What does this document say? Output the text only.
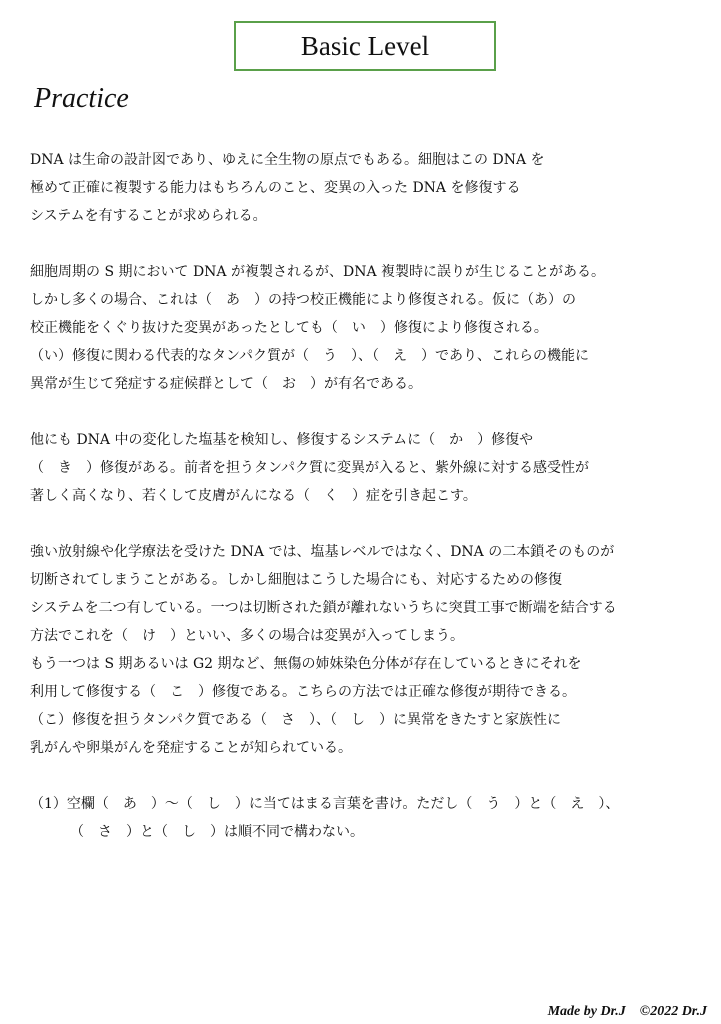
Basic Level
Practice
DNA は生命の設計図であり、ゆえに全生物の原点でもある。細胞はこの DNA を
極めて正確に複製する能力はもちろんのこと、変異の入った DNA を修復する
システムを有することが求められる。
細胞周期の S 期において DNA が複製されるが、DNA 複製時に誤りが生じることがある。
しかし多くの場合、これは（　あ　）の持つ校正機能により修復される。仮に（あ）の
校正機能をくぐり抜けた変異があったとしても（　い　）修復により修復される。
（い）修復に関わる代表的なタンパク質が（　う　）、（　え　）であり、これらの機能に
異常が生じて発症する症候群として（　お　）が有名である。
他にも DNA 中の変化した塩基を検知し、修復するシステムに（　か　）修復や
（　き　）修復がある。前者を担うタンパク質に変異が入ると、紫外線に対する感受性が
著しく高くなり、若くして皮膚がんになる（　く　）症を引き起こす。
強い放射線や化学療法を受けた DNA では、塩基レベルではなく、DNA の二本鎖そのものが
切断されてしまうことがある。しかし細胞はこうした場合にも、対応するための修復
システムを二つ有している。一つは切断された鎖が離れないうちに突貫工事で断端を結合する
方法でこれを（　け　）といい、多くの場合は変異が入ってしまう。
もう一つは S 期あるいは G2 期など、無傷の姉妹染色分体が存在しているときにそれを
利用して修復する（　こ　）修復である。こちらの方法では正確な修復が期待できる。
（こ）修復を担うタンパク質である（　さ　）、（　し　）に異常をきたすと家族性に
乳がんや卵巣がんを発症することが知られている。
（1）空欄（　あ　）〜（　し　）に当てはまる言葉を書け。ただし（　う　）と（　え　）、
（　さ　）と（　し　）は順不同で構わない。
Made by Dr.J　©2022 Dr.J
